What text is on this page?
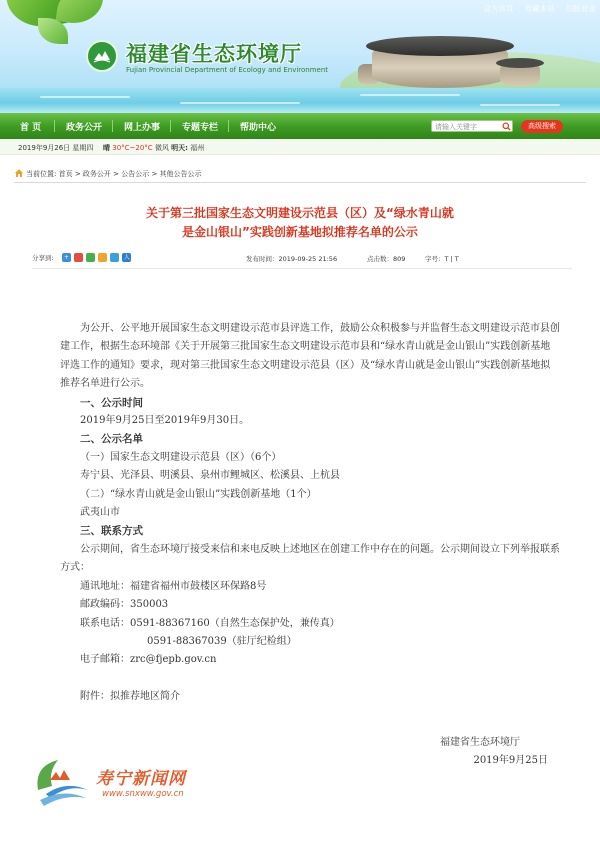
福建省生态环境厅
Fujian Provincial Department of Ecology and Environment
设为首页 | 收藏本站 | 旧版登录
首 页	政务公开 网上办事 专题专栏 帮助中心	请输入关键字	高级搜索
2019年9月26日 星期四 晴 30°C~20°C 微风 明天: 福州
当前位置: 首页 > 政务公开 > 公告公示 > 其他公告公示
关于第三批国家生态文明建设示范县（区）及“绿水青山就
是金山银山”实践创新基地拟推荐名单的公示
分享到:	+	人	发布时间：2019-09-25 21:56	点击数：809	字号：T | T

为公开、公平地开展国家生态文明建设示范市县评选工作，鼓励公众积极参与并监督生态文明建设示范市县创建工作，根据生态环境部《关于开展第三批国家生态文明建设示范市县和“绿水青山就是金山银山”实践创新基地评选工作的通知》要求，现对第三批国家生态文明建设示范县（区）及“绿水青山就是金山银山”实践创新基地拟推荐名单进行公示。

一、公示时间

2019年9月25日至2019年9月30日。

二、公示名单

（一）国家生态文明建设示范县（区）（6个）

寿宁县、光泽县、明溪县、泉州市鲤城区、松溪县、上杭县

（二）“绿水青山就是金山银山”实践创新基地（1个）

武夷山市

三、联系方式

公示期间，省生态环境厅接受来信和来电反映上述地区在创建工作中存在的问题。公示期间设立下列举报联系方式：

通讯地址：福建省福州市鼓楼区环保路8号

邮政编码：350003

联系电话：0591-88367160（自然生态保护处，兼传真）

0591-88367039（驻厅纪检组）

电子邮箱：zrc@fjepb.gov.cn

附件：拟推荐地区简介

福建省生态环境厅
2019年9月25日
寿宁新闻网
www.snxww.gov.cn
